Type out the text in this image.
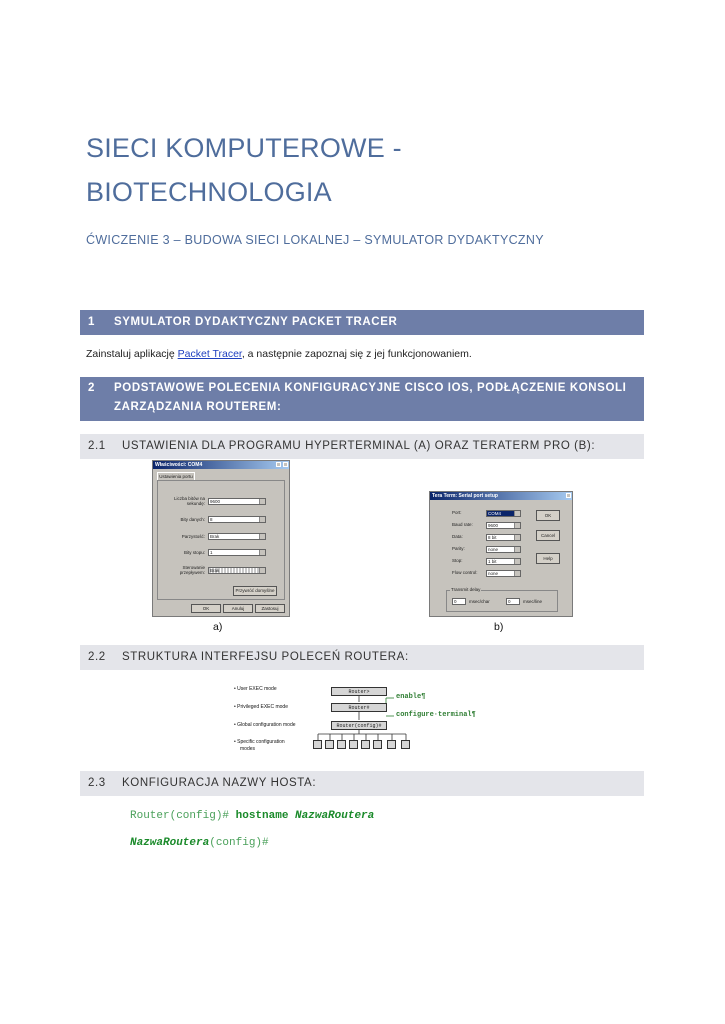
SIECI KOMPUTEROWE -
BIOTECHNOLOGIA
ĆWICZENIE 3 – BUDOWA SIECI LOKALNEJ – SYMULATOR DYDAKTYCZNY
1 SYMULATOR DYDAKTYCZNY PACKET TRACER
Zainstaluj aplikację Packet Tracer, a następnie zapoznaj się z jej funkcjonowaniem.
2 PODSTAWOWE POLECENIA KONFIGURACYJNE CISCO IOS, PODŁĄCZENIE KONSOLI
ZARZĄDZANIA ROUTEREM:
2.1 USTAWIENIA DLA PROGRAMU HYPERTERMINAL (A) ORAZ TERATERM PRO (B):
Właściwości: COM4
Ustawienia portu
Liczba bitów na sekundę:	9600
Bity danych:	8
Parzystość:	Brak
Bity stopu:	1
Sterowanie przepływem:	Brak
Przywróć domyślne
OK	Anuluj	Zastosuj
Tera Term: Serial port setup
Port:	COM4
Baud rate:	9600
Data:	8 bit
Parity:	none
Stop:	1 bit
Flow control:	none
OK
Cancel
Help
Transmit delay
0	msec/char	0	msec/line
a)	b)
2.2 STRUKTURA INTERFEJSU POLECEŃ ROUTERA:
• User EXEC mode
• Privileged EXEC mode
• Global configuration mode
• Specific configuration
modes
Router>
Router#
Router(config)#
enable¶
configure·terminal¶
2.3 KONFIGURACJA NAZWY HOSTA:
Router(config)# hostname NazwaRoutera
NazwaRoutera(config)#
